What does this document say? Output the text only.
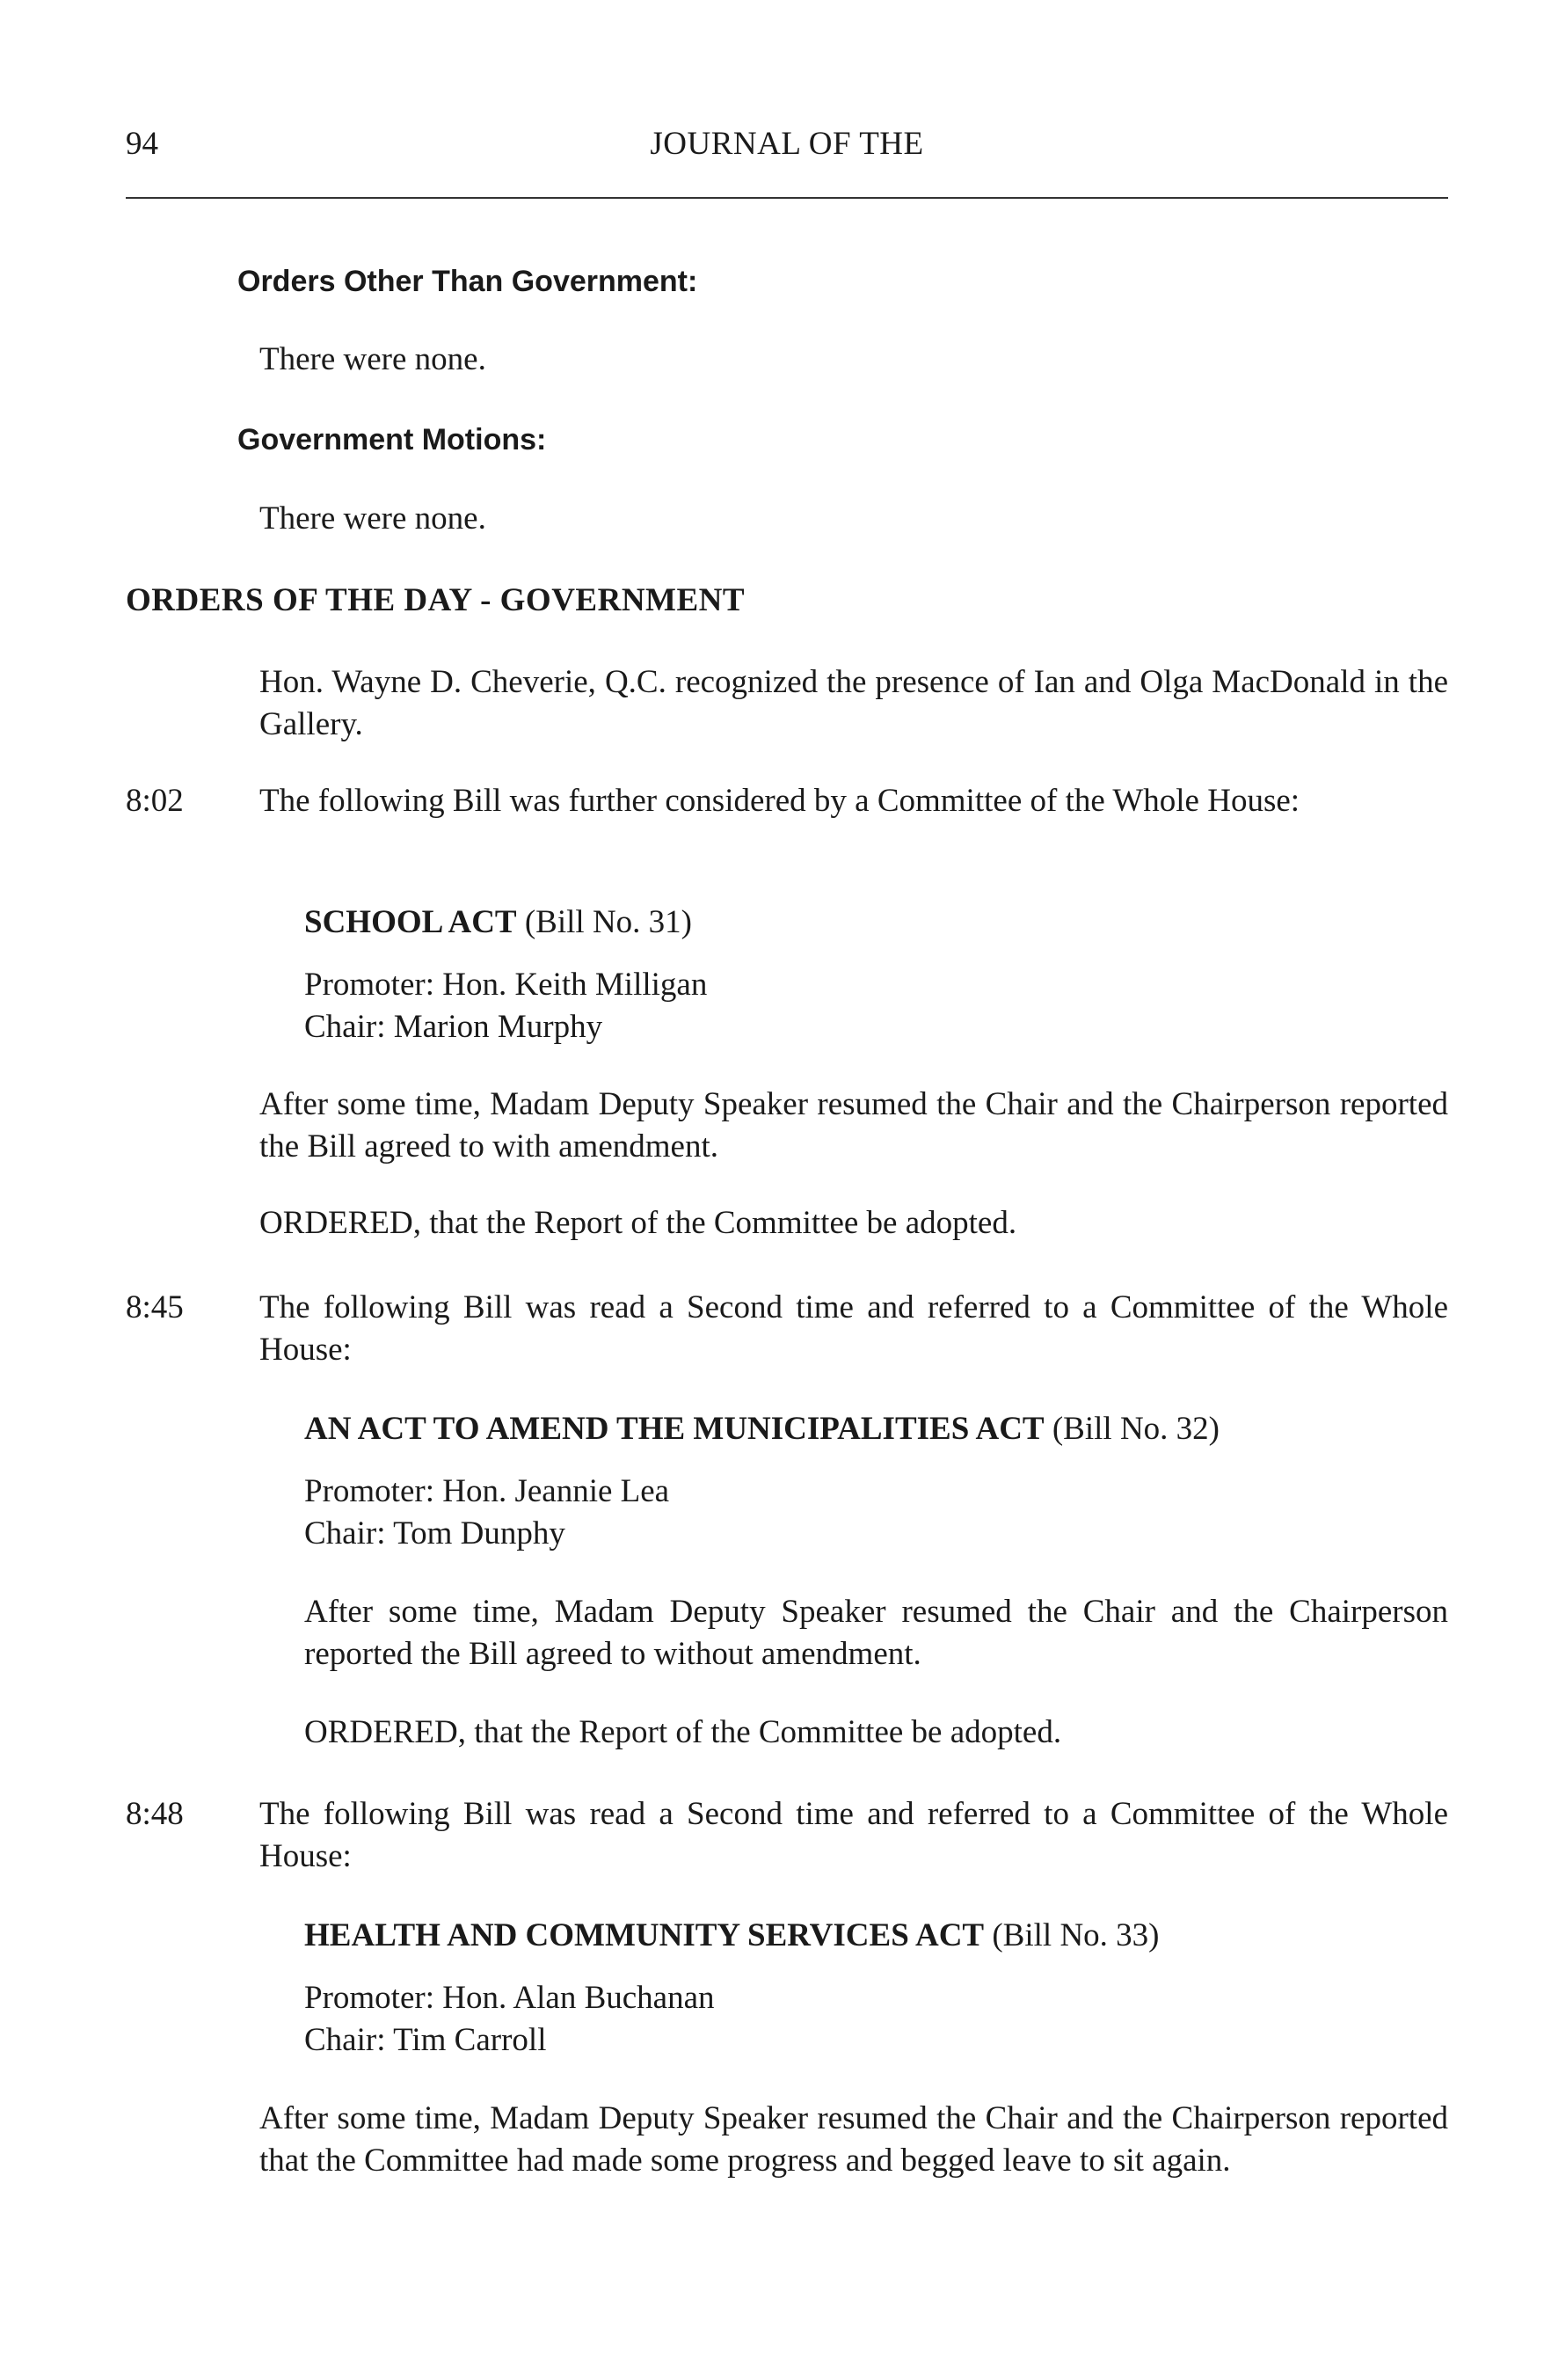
94	JOURNAL OF THE
Orders Other Than Government:
There were none.
Government Motions:
There were none.
ORDERS OF THE DAY - GOVERNMENT
Hon. Wayne D. Cheverie, Q.C. recognized the presence of Ian and Olga MacDonald in the Gallery.
8:02 The following Bill was further considered by a Committee of the Whole House:
SCHOOL ACT (Bill No. 31)
Promoter: Hon. Keith Milligan
Chair: Marion Murphy
After some time, Madam Deputy Speaker resumed the Chair and the Chairperson reported the Bill agreed to with amendment.
ORDERED, that the Report of the Committee be adopted.
8:45 The following Bill was read a Second time and referred to a Committee of the Whole House:
AN ACT TO AMEND THE MUNICIPALITIES ACT (Bill No. 32)
Promoter: Hon. Jeannie Lea
Chair: Tom Dunphy
After some time, Madam Deputy Speaker resumed the Chair and the Chairperson reported the Bill agreed to without amendment.
ORDERED, that the Report of the Committee be adopted.
8:48 The following Bill was read a Second time and referred to a Committee of the Whole House:
HEALTH AND COMMUNITY SERVICES ACT (Bill No. 33)
Promoter: Hon. Alan Buchanan
Chair: Tim Carroll
After some time, Madam Deputy Speaker resumed the Chair and the Chairperson reported that the Committee had made some progress and begged leave to sit again.
